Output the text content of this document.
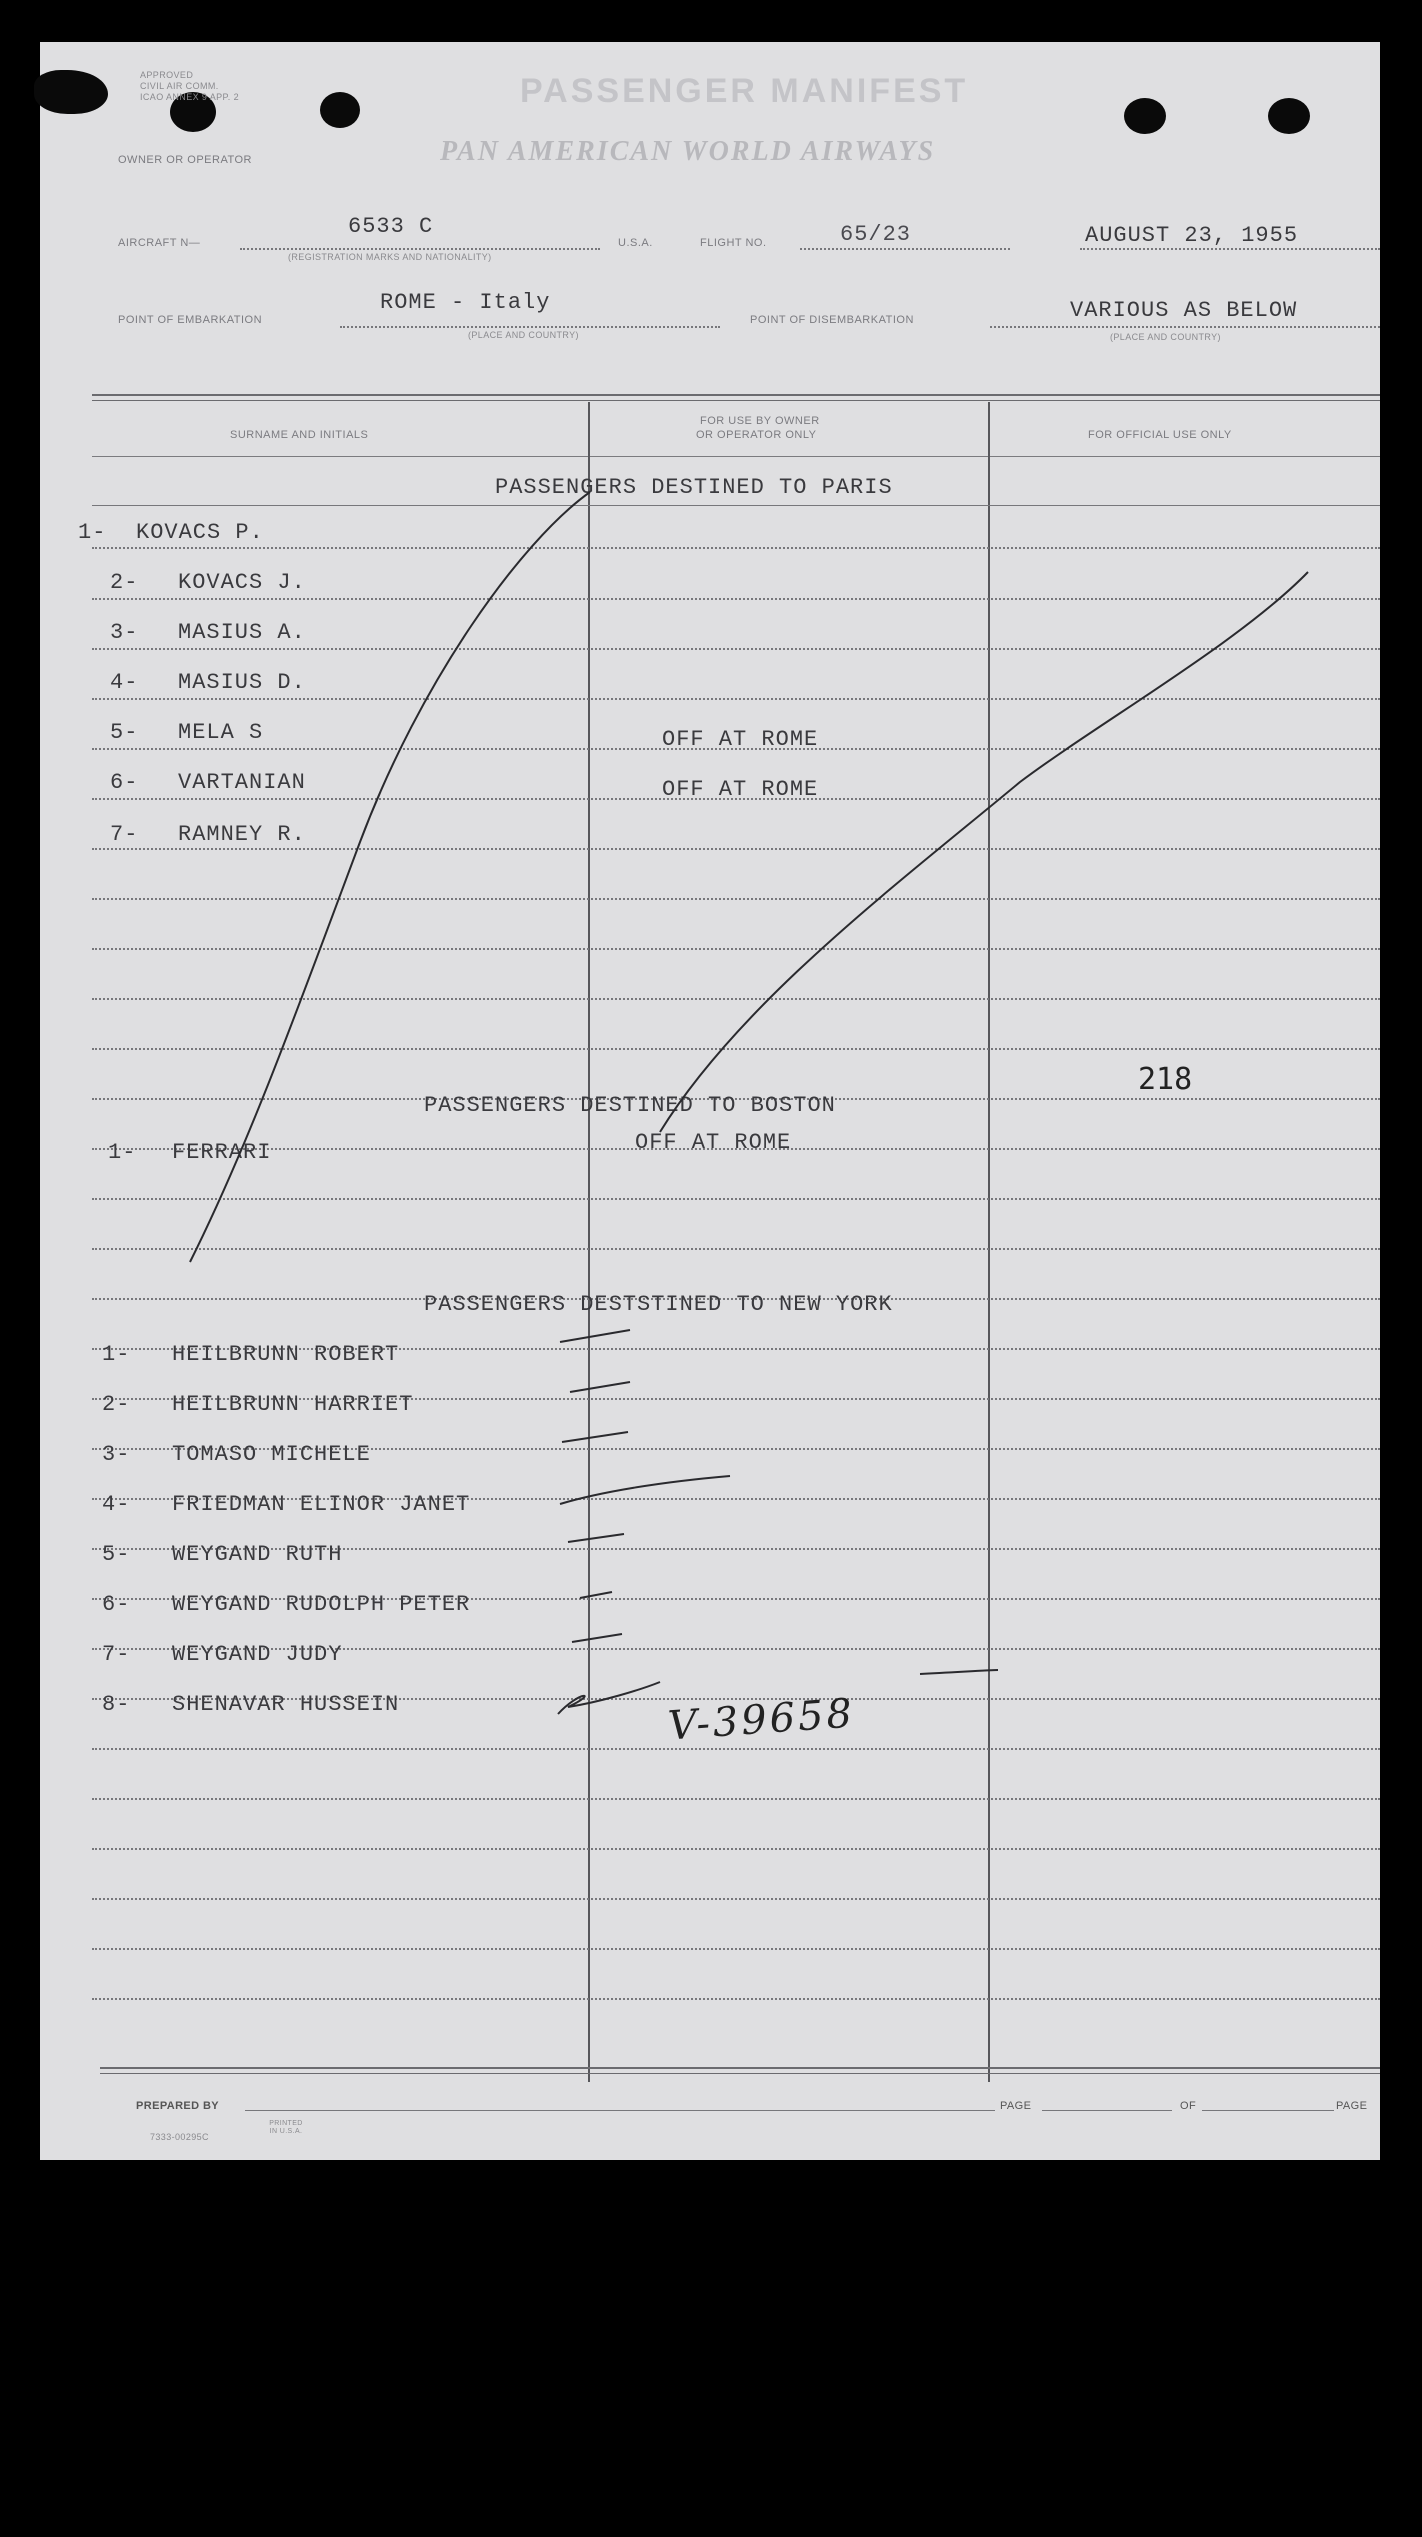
APPROVED
CIVIL AIR COMM.
ICAO ANNEX 9 APP. 2	PASSENGER MANIFEST
PAN AMERICAN WORLD AIRWAYS
OWNER OR OPERATOR
AIRCRAFT N—
6533 C
(REGISTRATION MARKS AND NATIONALITY)
U.S.A.	FLIGHT NO.	65/23	AUGUST 23, 1955
POINT OF EMBARKATION
ROME - Italy
(PLACE AND COUNTRY)
POINT OF DISEMBARKATION	VARIOUS AS BELOW
(PLACE AND COUNTRY)
SURNAME AND INITIALS
FOR USE BY OWNER
OR OPERATOR ONLY	FOR OFFICIAL USE ONLY
PASSENGERS DESTINED TO PARIS
1- KOVACS P.
2- KOVACS J.
3- MASIUS A.
4- MASIUS D.
5- MELA S	OFF AT ROME
6- VARTANIAN	OFF AT ROME
7- RAMNEY R.
218
PASSENGERS DESTINED TO BOSTON
1- FERRARI	OFF AT ROME
PASSENGERS DESTSTINED TO NEW YORK
1- HEILBRUNN ROBERT
2- HEILBRUNN HARRIET
3- TOMASO MICHELE
4- FRIEDMAN ELINOR JANET
5- WEYGAND RUTH
6- WEYGAND RUDOLPH PETER
7- WEYGAND JUDY
8- SHENAVAR HUSSEIN	V-39658
PREPARED BY	PAGE	OF	PAGE
7333-00295C
PRINTED IN U.S.A.
